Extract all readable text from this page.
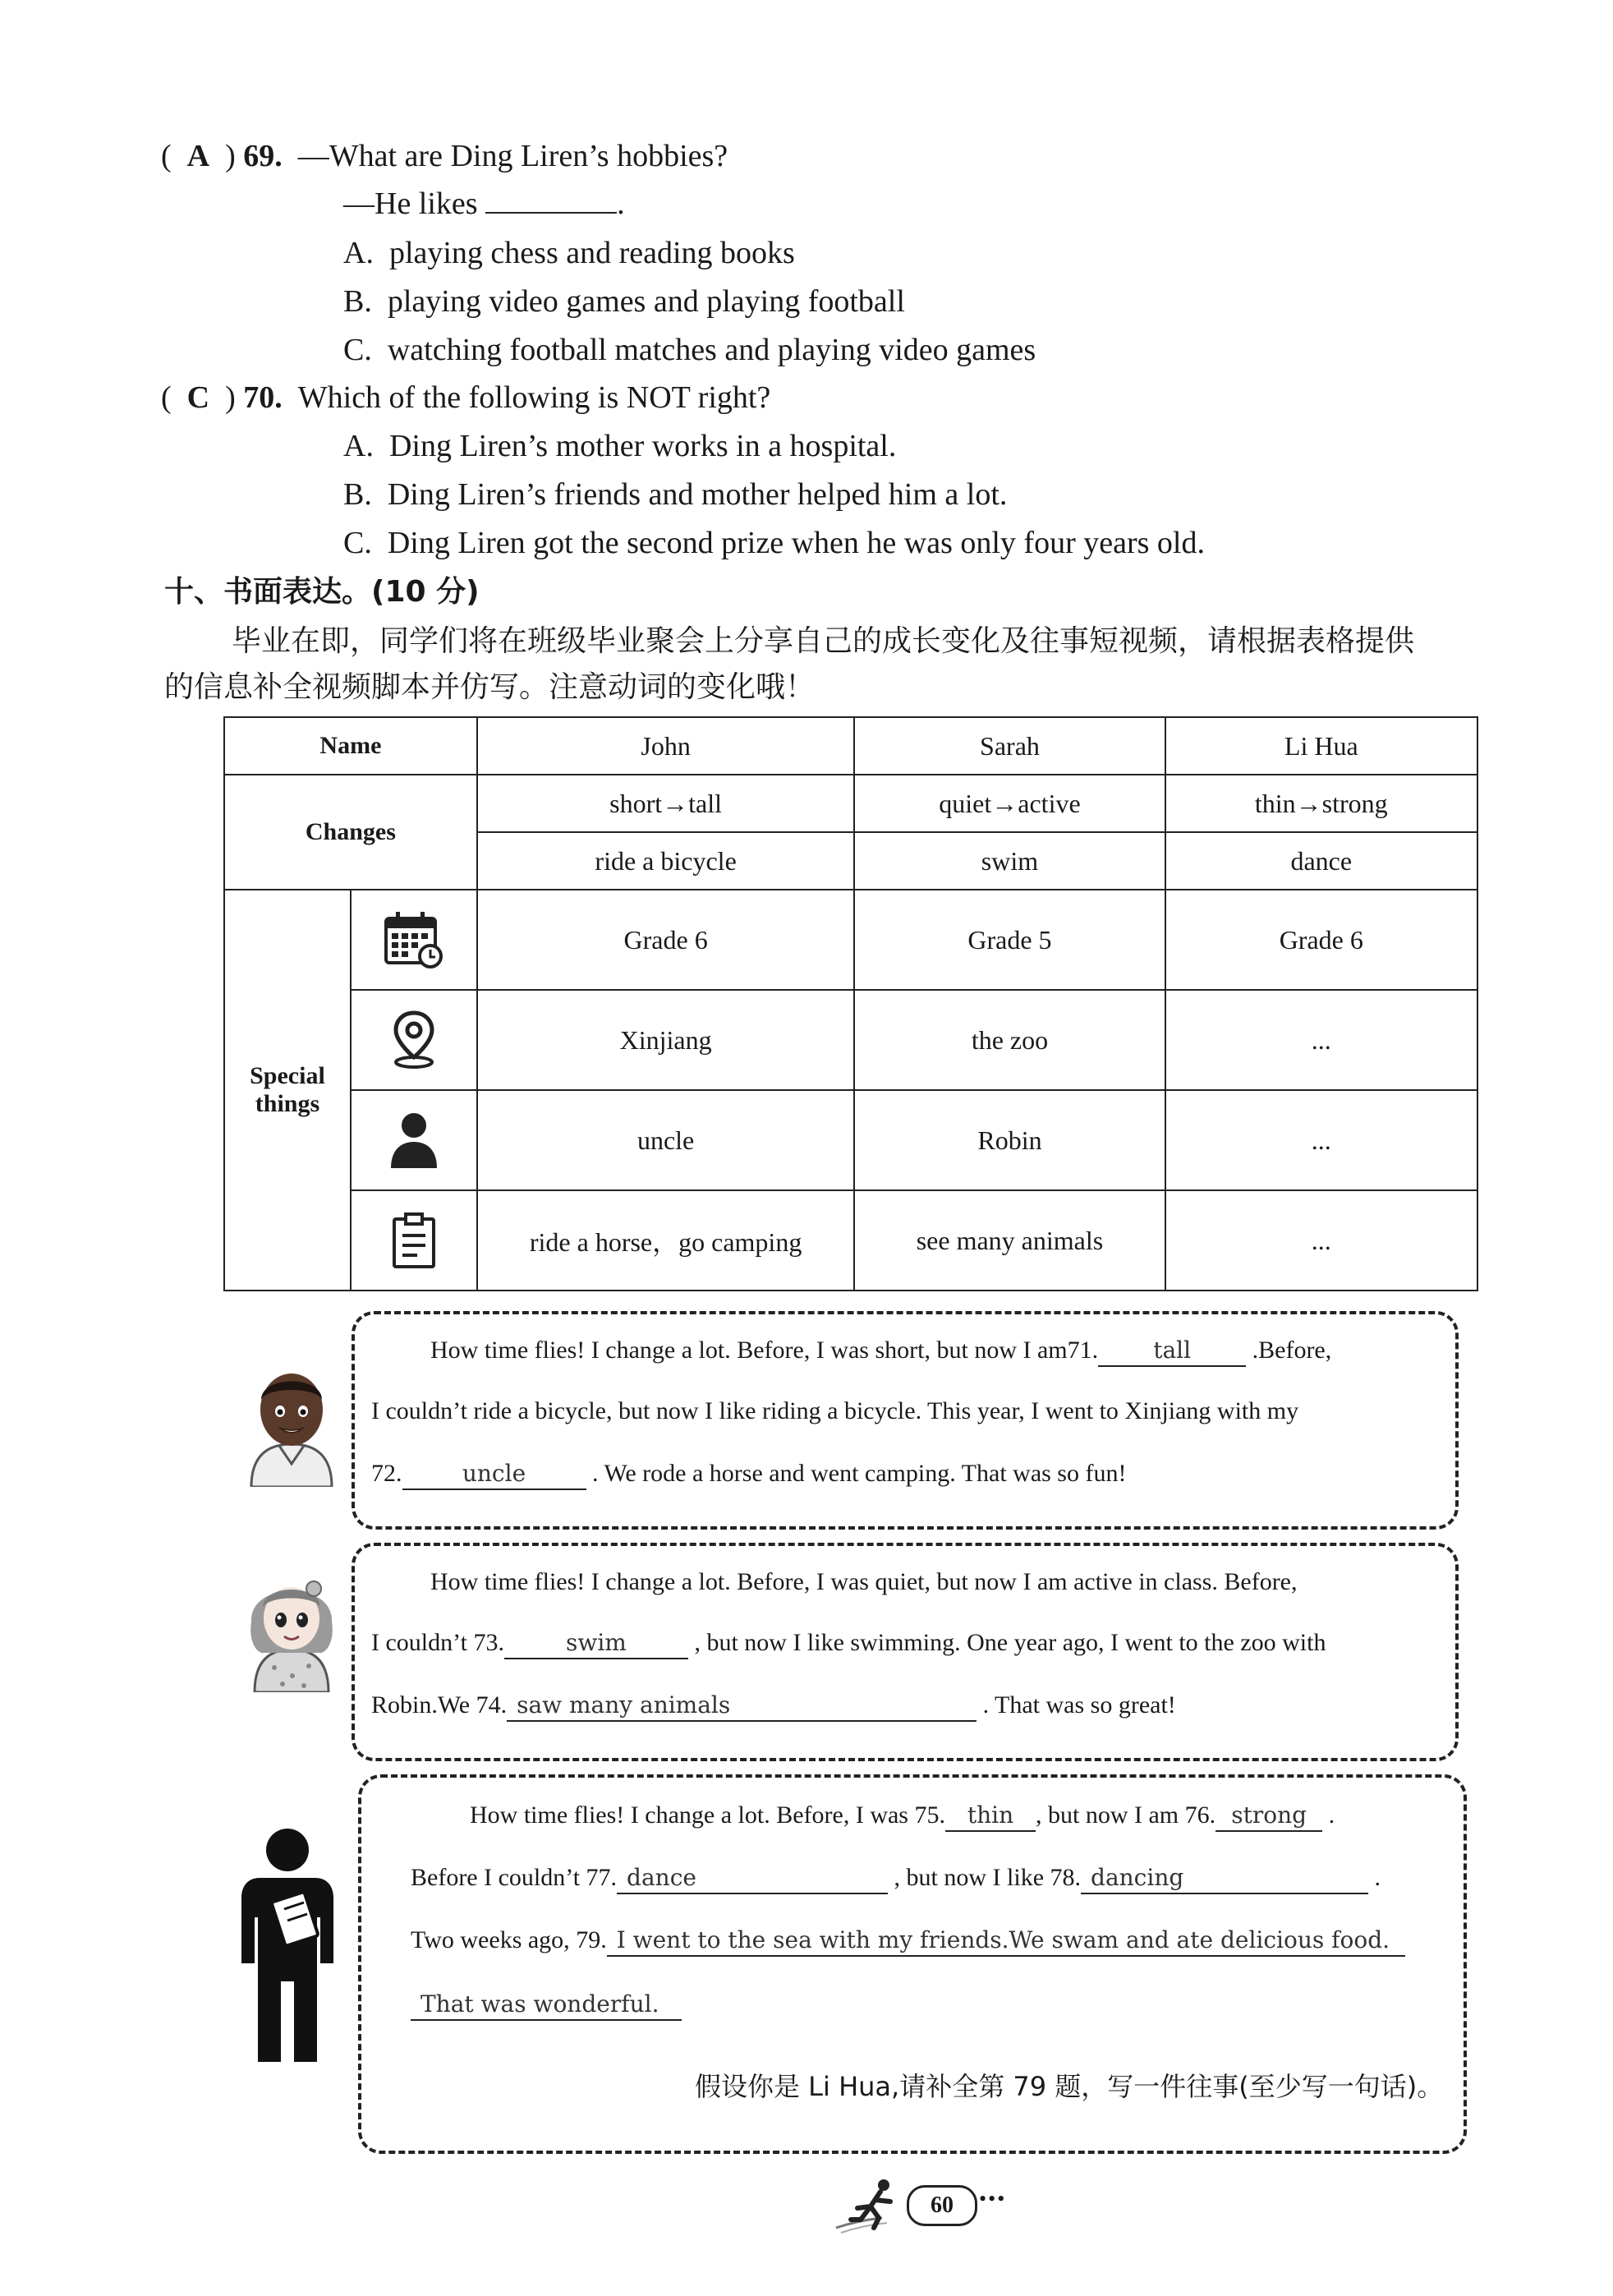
( A ) 69. —What are Ding Liren’s hobbies?
—He likes	.
A. playing chess and reading books
B. playing video games and playing football
C. watching football matches and playing video games
( C ) 70. Which of the following is NOT right?
A. Ding Liren’s mother works in a hospital.
B. Ding Liren’s friends and mother helped him a lot.
C. Ding Liren got the second prize when he was only four years old.
十、书面表达。(10 分)
毕业在即，同学们将在班级毕业聚会上分享自己的成长变化及往事短视频，请根据表格提供
的信息补全视频脚本并仿写。注意动词的变化哦！
Name		John	Sarah	Li Hua
Changes		short→tall	quiet→active	thin→strong
		ride a bicycle	swim	dance
Special things		Grade 6	Grade 5	Grade 6

	Xinjiang	the zoo	...

	uncle	Robin	...

	ride a horse，go camping	see many animals	...
How time flies! I change a lot. Before, I was short, but now I am71. tall .Before,
I couldn’t ride a bicycle, but now I like riding a bicycle. This year, I went to Xinjiang with my
72.	uncle	. We rode a horse and went camping. That was so fun!
How time flies! I change a lot. Before, I was quiet, but now I am active in class. Before,
I couldn’t 73.	swim	, but now I like swimming. One year ago, I went to the zoo with
Robin.We 74. saw many animals	. That was so great!
How time flies! I change a lot. Before, I was 75. thin , but now I am 76. strong .
Before I couldn’t 77. dance	, but now I like 78. dancing	.
Two weeks ago, 79. I went to the sea with my friends.We swam and ate delicious food.
That was wonderful.
假设你是 Li Hua,请补全第 79 题，写一件往事(至少写一句话)。
60	•••
